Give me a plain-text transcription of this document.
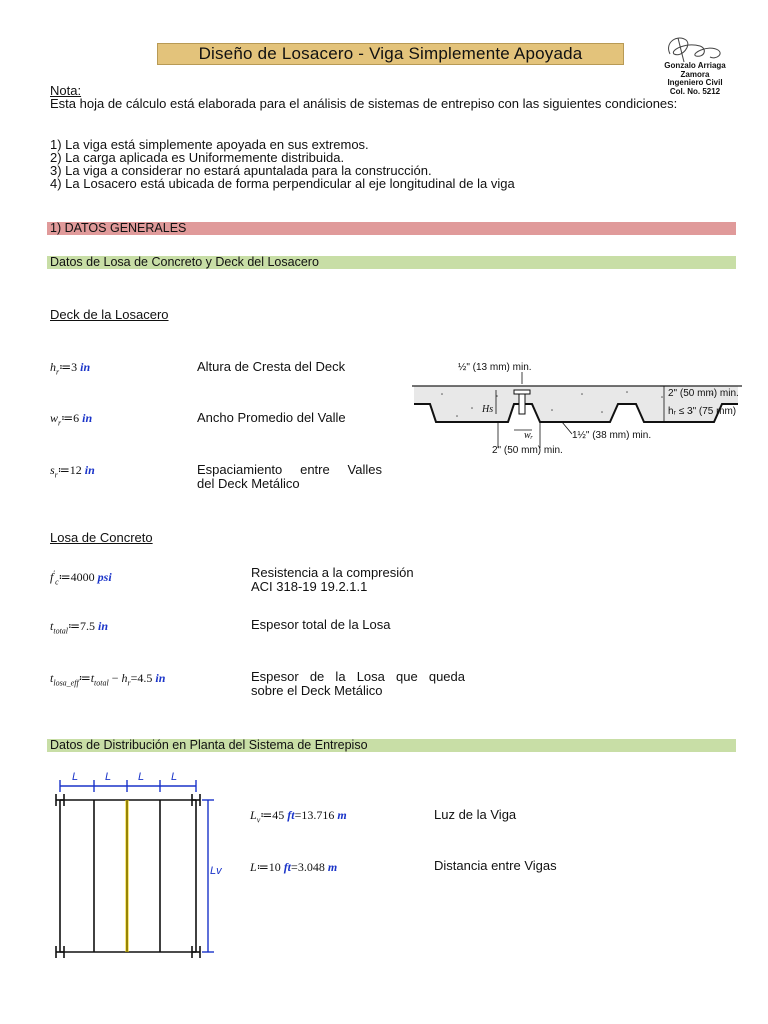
Diseño de Losacero - Viga Simplemente Apoyada
Gonzalo Arriaga Zamora
Ingeniero Civil
Col. No. 5212
Nota:
Esta hoja de cálculo está elaborada para el análisis de sistemas de entrepiso con las siguientes condiciones:
1) La viga está simplemente apoyada en sus extremos.
2) La carga aplicada es Uniformemente distribuida.
3) La viga a considerar no estará apuntalada para la construcción.
4) La Losacero está ubicada de forma perpendicular al eje longitudinal de la viga
1) DATOS GENERALES
Datos de Losa de Concreto y Deck del Losacero
Deck de la Losacero
$h_r≔3$ in	Altura de Cresta del Deck
$w_r≔6$ in	Ancho Promedio del Valle
$s_r≔12$ in	Espaciamiento entre Valles
del Deck Metálico
½" (13 mm) min.
2" (50 mm) min.
hᵣ ≤ 3" (75 mm)
Hs
wᵣ	1½" (38 mm) min.
2" (50 mm) min.
Losa de Concreto
$f'_c≔4000$ psi	Resistencia a la compresión
ACI 318-19 19.2.1.1
$t_{total}≔7.5$ in	Espesor total de la Losa
$t_{losa\_eff}≔t_{total} - h_r=4.5$ in	Espesor de la Losa que queda
sobre el Deck Metálico
Datos de Distribución en Planta del Sistema de Entrepiso
L L L L
Lv
$L_v≔45$ ft=13.716 m	Luz de la Viga
L≔10 ft=3.048 m	Distancia entre Vigas
